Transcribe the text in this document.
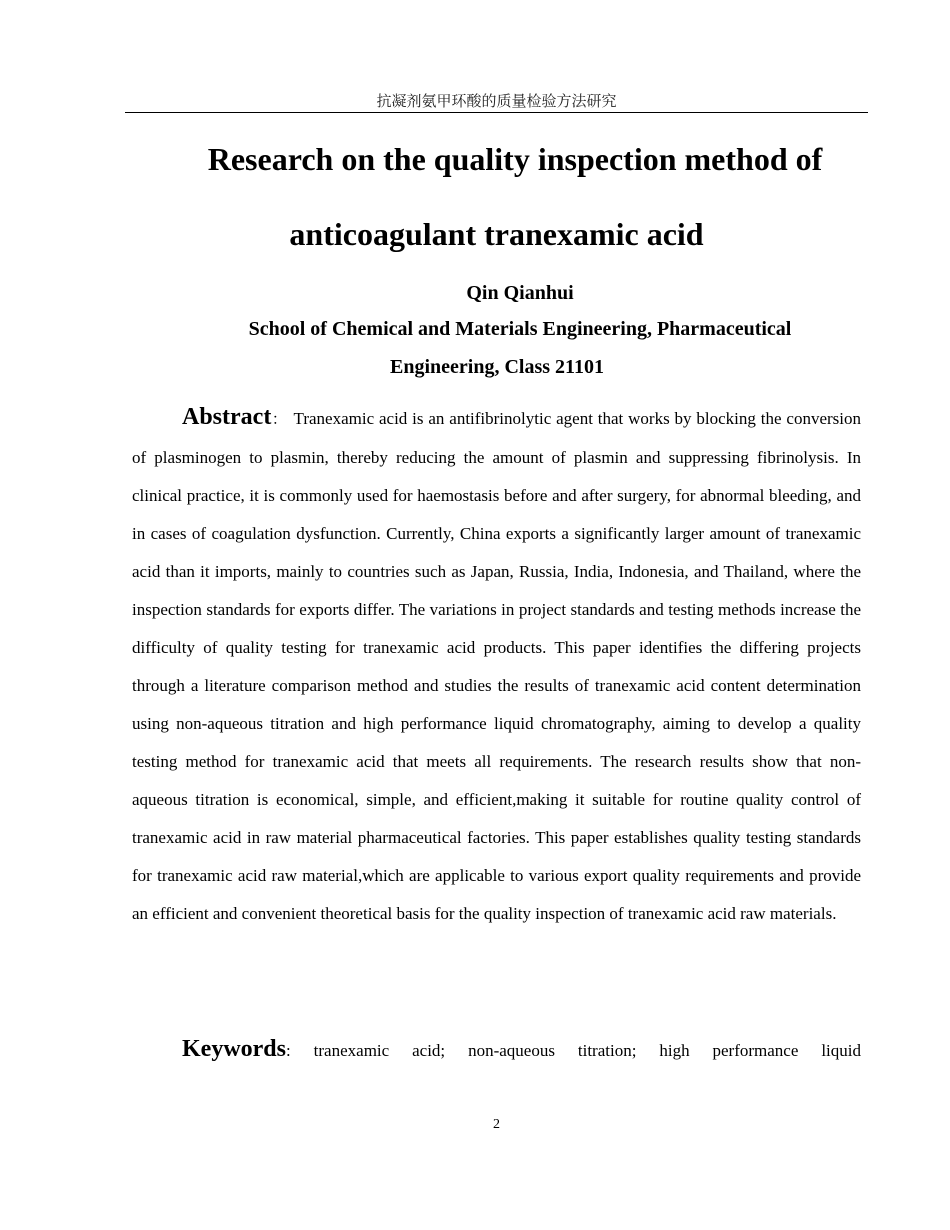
抗凝剂氨甲环酸的质量检验方法研究
Research on the quality inspection method of
anticoagulant tranexamic acid
Qin Qianhui
School of Chemical and Materials Engineering, Pharmaceutical
Engineering, Class 21101

Abstract： Tranexamic acid is an antifibrinolytic agent that works by blocking the conversion of plasminogen to plasmin, thereby reducing the amount of plasmin and suppressing fibrinolysis. In clinical practice, it is commonly used for haemostasis before and after surgery, for abnormal bleeding, and in cases of coagulation dysfunction. Currently, China exports a significantly larger amount of tranexamic acid than it imports, mainly to countries such as Japan, Russia, India, Indonesia, and Thailand, where the inspection standards for exports differ. The variations in project standards and testing methods increase the difficulty of quality testing for tranexamic acid products. This paper identifies the differing projects through a literature comparison method and studies the results of tranexamic acid content determination using non-aqueous titration and high performance liquid chromatography, aiming to develop a quality testing method for tranexamic acid that meets all requirements. The research results show that non-aqueous titration is economical, simple, and efficient,making it suitable for routine quality control of tranexamic acid in raw material pharmaceutical factories. This paper establishes quality testing standards for tranexamic acid raw material,which are applicable to various export quality requirements and provide an efficient and convenient theoretical basis for the quality inspection of tranexamic acid raw materials.

Keywords: tranexamic acid; non-aqueous titration; high performance liquid

2
